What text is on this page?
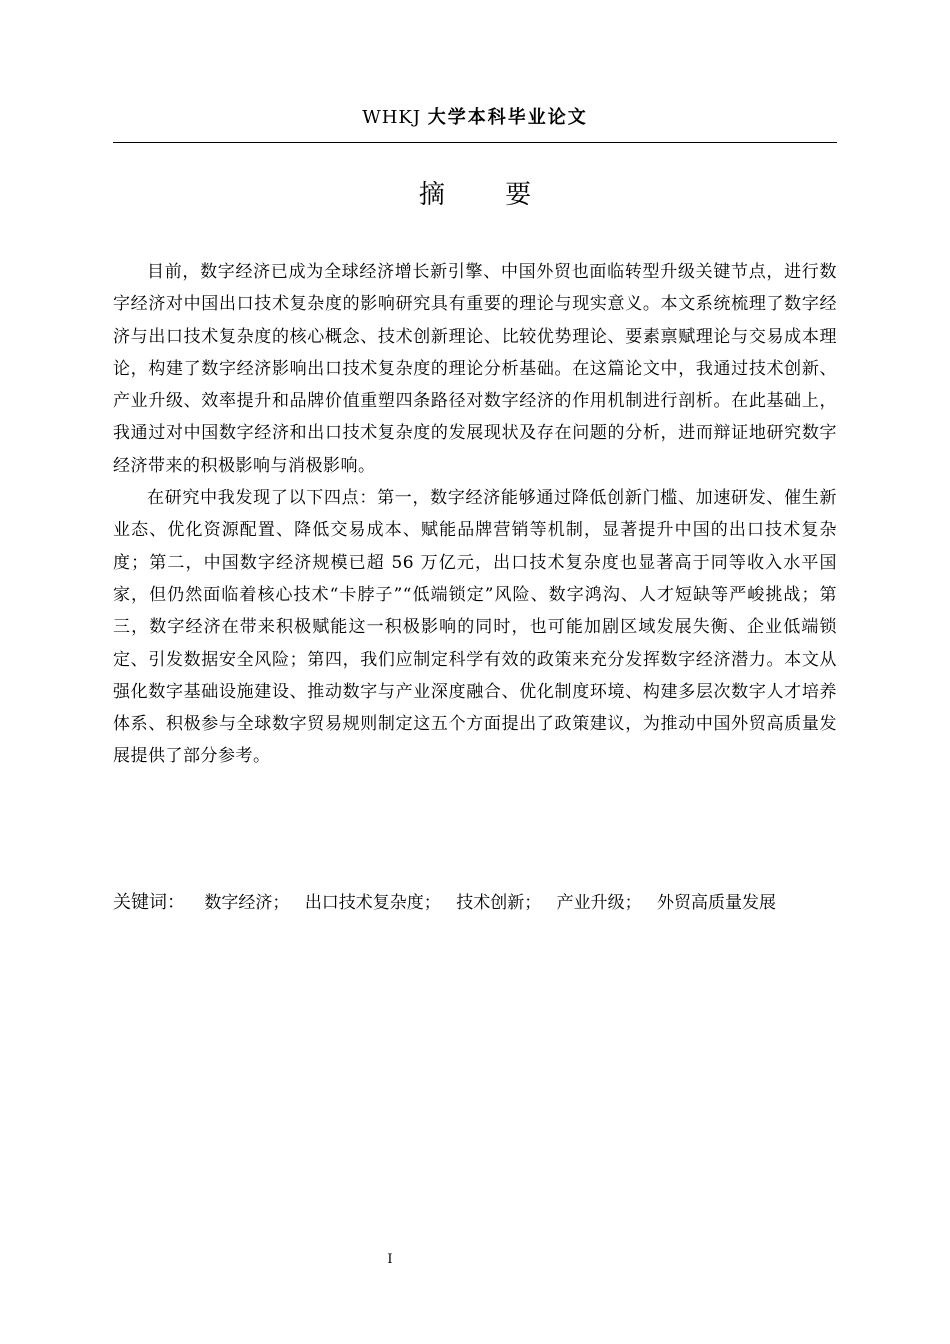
WHKJ 大学本科毕业论文
摘 要

目前，数字经济已成为全球经济增长新引擎、中国外贸也面临转型升级关键节点，进行数字经济对中国出口技术复杂度的影响研究具有重要的理论与现实意义。本文系统梳理了数字经济与出口技术复杂度的核心概念、技术创新理论、比较优势理论、要素禀赋理论与交易成本理论，构建了数字经济影响出口技术复杂度的理论分析基础。在这篇论文中，我通过技术创新、产业升级、效率提升和品牌价值重塑四条路径对数字经济的作用机制进行剖析。在此基础上，我通过对中国数字经济和出口技术复杂度的发展现状及存在问题的分析，进而辩证地研究数字经济带来的积极影响与消极影响。

在研究中我发现了以下四点：第一，数字经济能够通过降低创新门槛、加速研发、催生新业态、优化资源配置、降低交易成本、赋能品牌营销等机制，显著提升中国的出口技术复杂度；第二，中国数字经济规模已超 56 万亿元，出口技术复杂度也显著高于同等收入水平国家，但仍然面临着核心技术“卡脖子”“低端锁定”风险、数字鸿沟、人才短缺等严峻挑战；第三，数字经济在带来积极赋能这一积极影响的同时，也可能加剧区域发展失衡、企业低端锁定、引发数据安全风险；第四，我们应制定科学有效的政策来充分发挥数字经济潜力。本文从强化数字基础设施建设、推动数字与产业深度融合、优化制度环境、构建多层次数字人才培养体系、积极参与全球数字贸易规则制定这五个方面提出了政策建议，为推动中国外贸高质量发展提供了部分参考。

关键词： 数字经济； 出口技术复杂度； 技术创新； 产业升级； 外贸高质量发展
I
